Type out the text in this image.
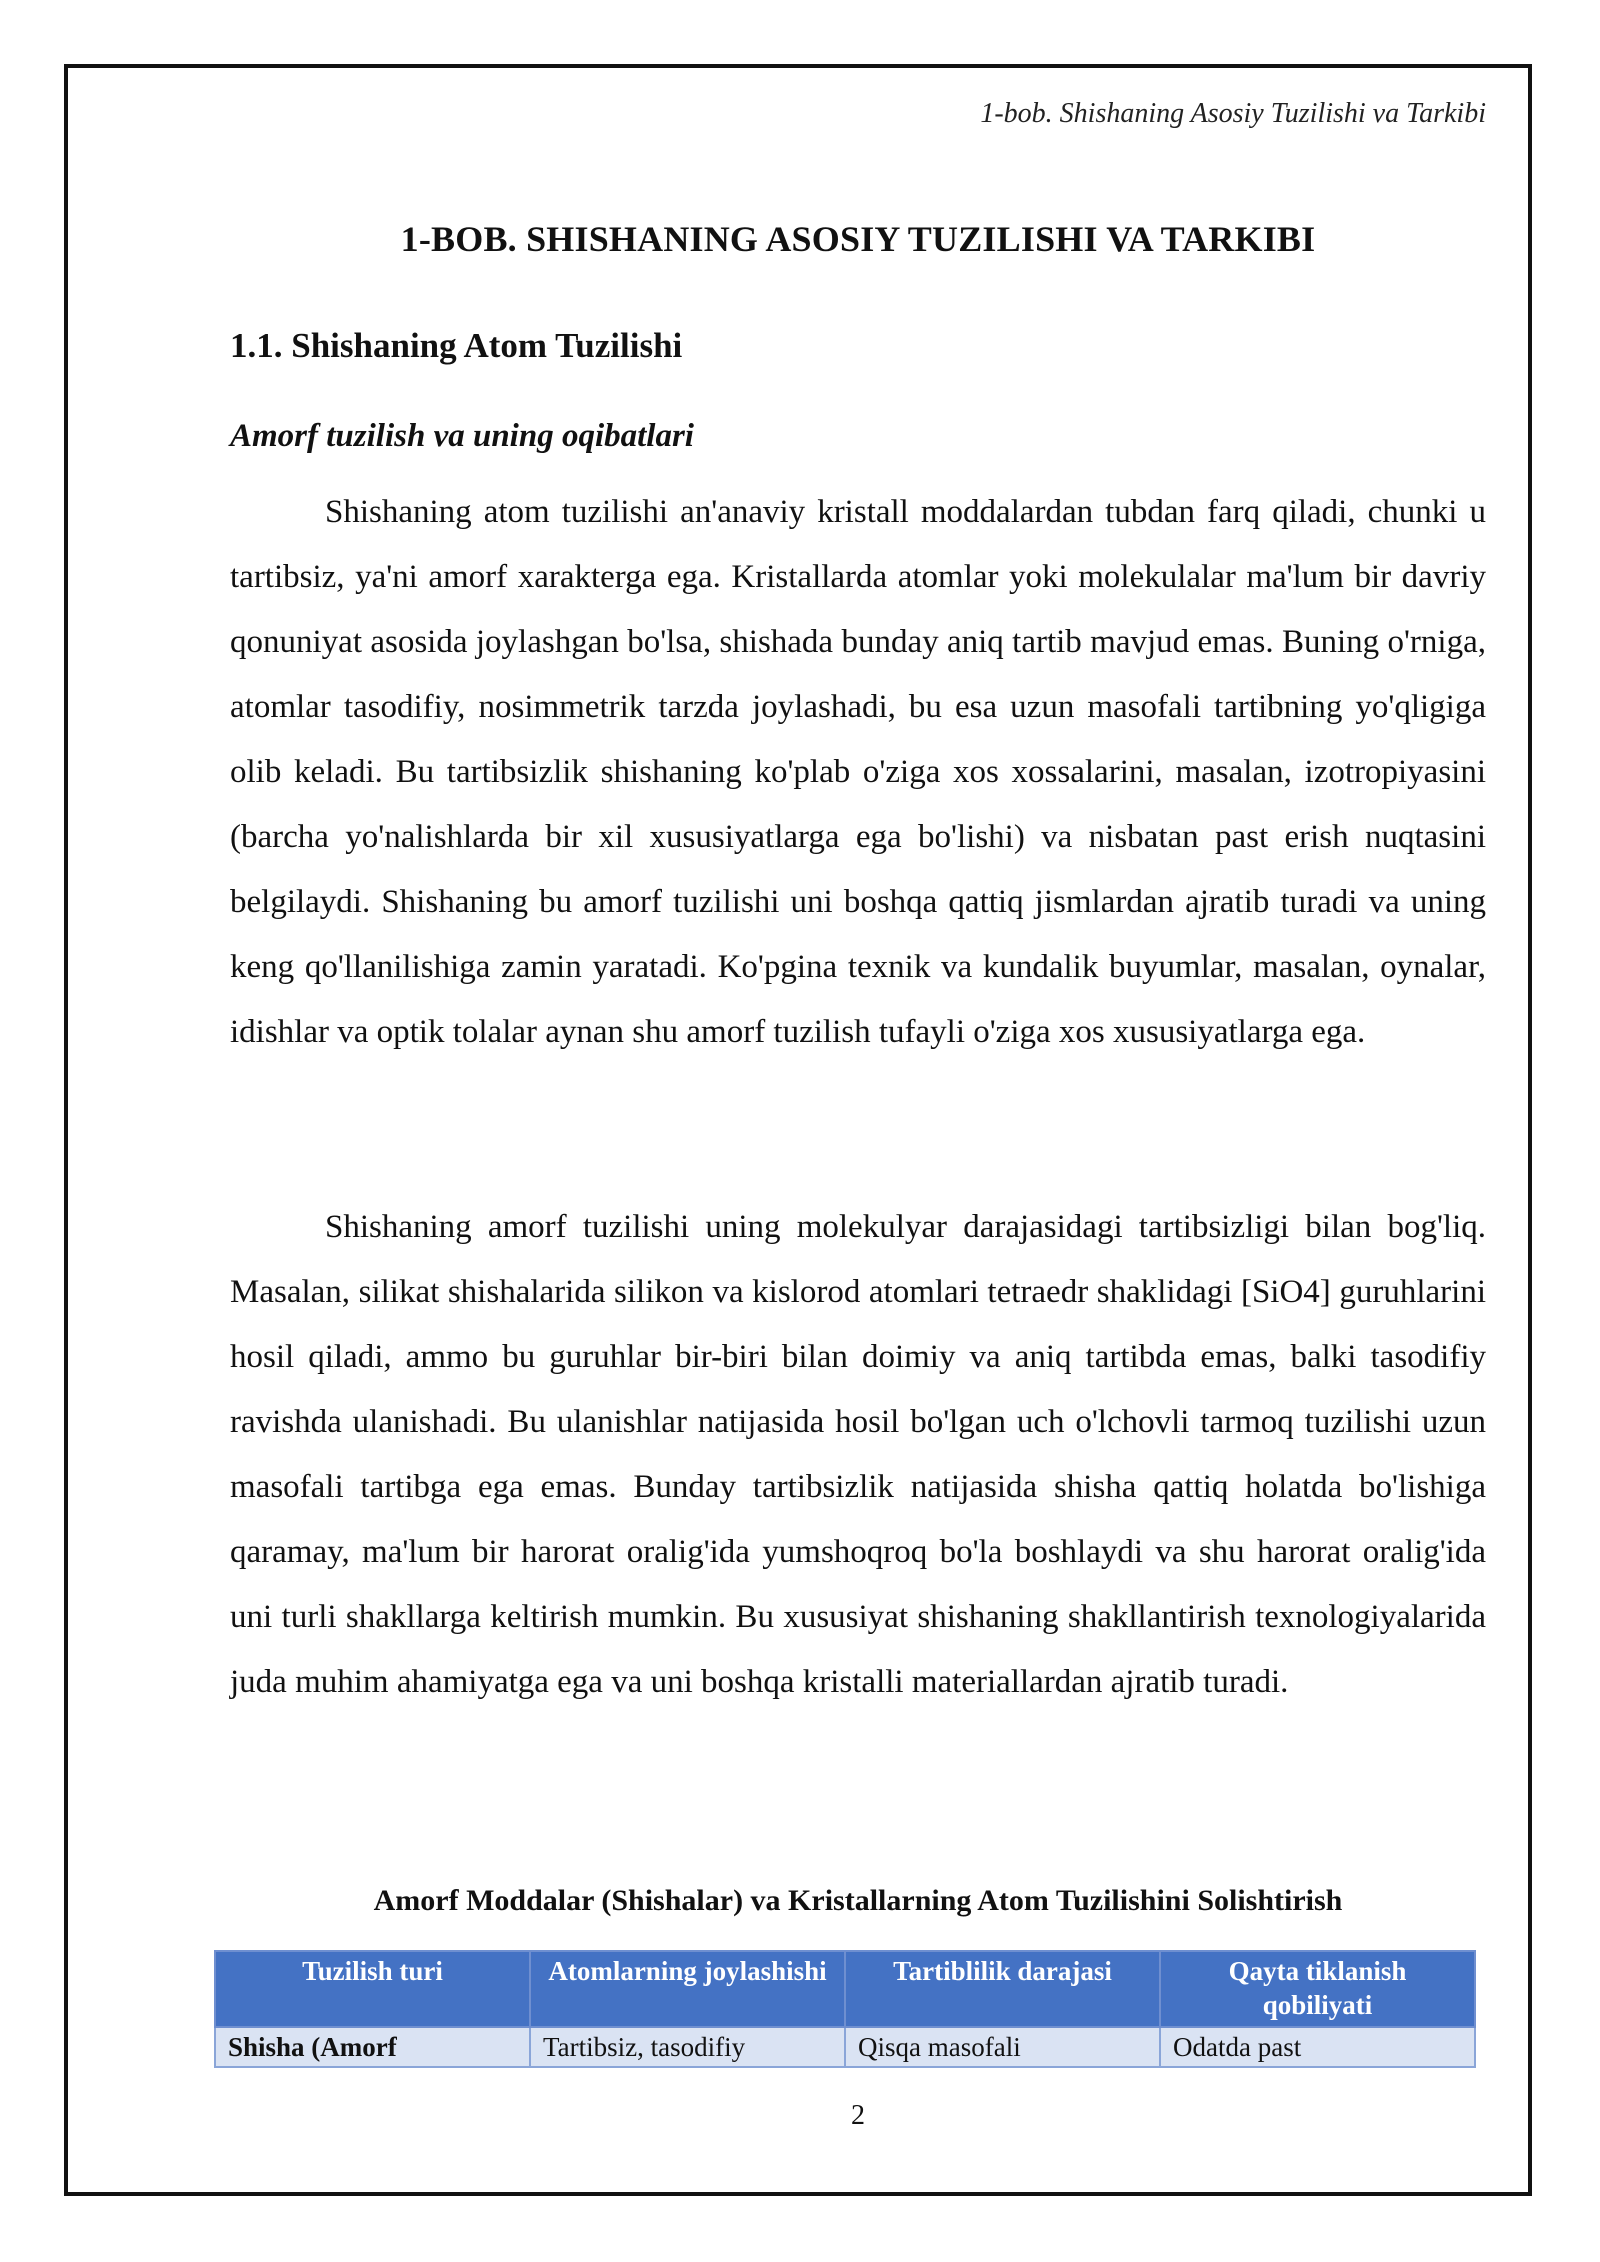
1-bob. Shishaning Asosiy Tuzilishi va Tarkibi
1-BOB. SHISHANING ASOSIY TUZILISHI VA TARKIBI
1.1. Shishaning Atom Tuzilishi
Amorf tuzilish va uning oqibatlari

Shishaning atom tuzilishi an'anaviy kristall moddalardan tubdan farq qiladi, chunki u tartibsiz, ya'ni amorf xarakterga ega. Kristallarda atomlar yoki molekulalar ma'lum bir davriy qonuniyat asosida joylashgan bo'lsa, shishada bunday aniq tartib mavjud emas. Buning o'rniga, atomlar tasodifiy, nosimmetrik tarzda joylashadi, bu esa uzun masofali tartibning yo'qligiga olib keladi. Bu tartibsizlik shishaning ko'plab o'ziga xos xossalarini, masalan, izotropiyasini (barcha yo'nalishlarda bir xil xususiyatlarga ega bo'lishi) va nisbatan past erish nuqtasini belgilaydi. Shishaning bu amorf tuzilishi uni boshqa qattiq jismlardan ajratib turadi va uning keng qo'llanilishiga zamin yaratadi. Ko'pgina texnik va kundalik buyumlar, masalan, oynalar, idishlar va optik tolalar aynan shu amorf tuzilish tufayli o'ziga xos xususiyatlarga ega.

Shishaning amorf tuzilishi uning molekulyar darajasidagi tartibsizligi bilan bog'liq. Masalan, silikat shishalarida silikon va kislorod atomlari tetraedr shaklidagi [SiO4] guruhlarini hosil qiladi, ammo bu guruhlar bir-biri bilan doimiy va aniq tartibda emas, balki tasodifiy ravishda ulanishadi. Bu ulanishlar natijasida hosil bo'lgan uch o'lchovli tarmoq tuzilishi uzun masofali tartibga ega emas. Bunday tartibsizlik natijasida shisha qattiq holatda bo'lishiga qaramay, ma'lum bir harorat oralig'ida yumshoqroq bo'la boshlaydi va shu harorat oralig'ida uni turli shakllarga keltirish mumkin. Bu xususiyat shishaning shakllantirish texnologiyalarida juda muhim ahamiyatga ega va uni boshqa kristalli materiallardan ajratib turadi.

Amorf Moddalar (Shishalar) va Kristallarning Atom Tuzilishini Solishtirish
Tuzilish turi	Atomlarning joylashishi	Tartiblilik darajasi	Qayta tiklanish qobiliyati
Shisha (Amorf	Tartibsiz, tasodifiy	Qisqa masofali	Odatda past
2
